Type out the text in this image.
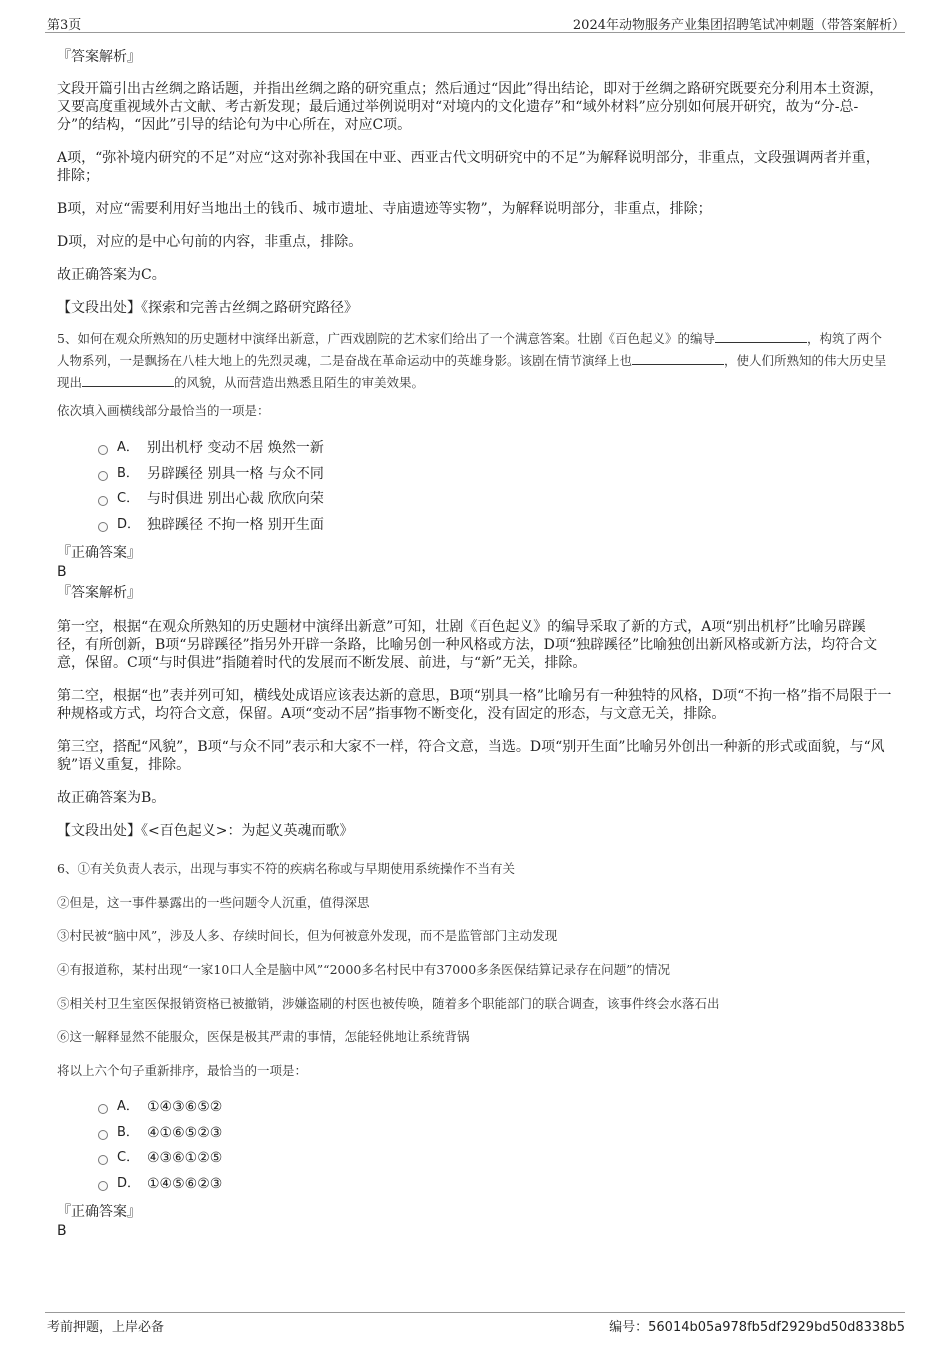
第3页	2024年动物服务产业集团招聘笔试冲刺题（带答案解析）
『答案解析』

文段开篇引出古丝绸之路话题，并指出丝绸之路的研究重点；然后通过“因此”得出结论，即对于丝绸之路研究既要充分利用本土资源，又要高度重视域外古文献、考古新发现；最后通过举例说明对“对境内的文化遗存”和“域外材料”应分别如何展开研究，故为“分-总-分”的结构，“因此”引导的结论句为中心所在，对应C项。

A项，“弥补境内研究的不足”对应“这对弥补我国在中亚、西亚古代文明研究中的不足”为解释说明部分，非重点，文段强调两者并重，排除；

B项，对应“需要利用好当地出土的钱币、城市遗址、寺庙遗迹等实物”，为解释说明部分，非重点，排除；

D项，对应的是中心句前的内容，非重点，排除。

故正确答案为C。

【文段出处】《探索和完善古丝绸之路研究路径》

5、如何在观众所熟知的历史题材中演绎出新意，广西戏剧院的艺术家们给出了一个满意答案。壮剧《百色起义》的编导	，构筑了两个人物系列，一是飘扬在八桂大地上的先烈灵魂，二是奋战在革命运动中的英雄身影。该剧在情节演绎上也	，使人们所熟知的伟大历史呈现出	的风貌，从而营造出熟悉且陌生的审美效果。
依次填入画横线部分最恰当的一项是：
A． 别出机杼 变动不居 焕然一新
B． 另辟蹊径 别具一格 与众不同
C． 与时俱进 别出心裁 欣欣向荣
D． 独辟蹊径 不拘一格 别开生面
『正确答案』
B
『答案解析』

第一空，根据“在观众所熟知的历史题材中演绎出新意”可知，壮剧《百色起义》的编导采取了新的方式，A项“别出机杼”比喻另辟蹊径，有所创新，B项“另辟蹊径”指另外开辟一条路，比喻另创一种风格或方法，D项“独辟蹊径”比喻独创出新风格或新方法，均符合文意，保留。C项“与时俱进”指随着时代的发展而不断发展、前进，与“新”无关，排除。

第二空，根据“也”表并列可知，横线处成语应该表达新的意思，B项“别具一格”比喻另有一种独特的风格，D项“不拘一格”指不局限于一种规格或方式，均符合文意，保留。A项“变动不居”指事物不断变化，没有固定的形态，与文意无关，排除。

第三空，搭配“风貌”，B项“与众不同”表示和大家不一样，符合文意，当选。D项“别开生面”比喻另外创出一种新的形式或面貌，与“风貌”语义重复，排除。

故正确答案为B。

【文段出处】《<百色起义>：为起义英魂而歌》

6、①有关负责人表示，出现与事实不符的疾病名称或与早期使用系统操作不当有关
②但是，这一事件暴露出的一些问题令人沉重，值得深思
③村民被“脑中风”，涉及人多、存续时间长，但为何被意外发现，而不是监管部门主动发现
④有报道称，某村出现“一家10口人全是脑中风”“2000多名村民中有37000多条医保结算记录存在问题”的情况
⑤相关村卫生室医保报销资格已被撤销，涉嫌盗刷的村医也被传唤，随着多个职能部门的联合调查，该事件终会水落石出
⑥这一解释显然不能服众，医保是极其严肃的事情，怎能轻佻地让系统背锅
将以上六个句子重新排序，最恰当的一项是：
A． ①④③⑥⑤②
B． ④①⑥⑤②③
C． ④③⑥①②⑤
D． ①④⑤⑥②③
『正确答案』
B
考前押题，上岸必备	编号：56014b05a978fb5df2929bd50d8338b5
